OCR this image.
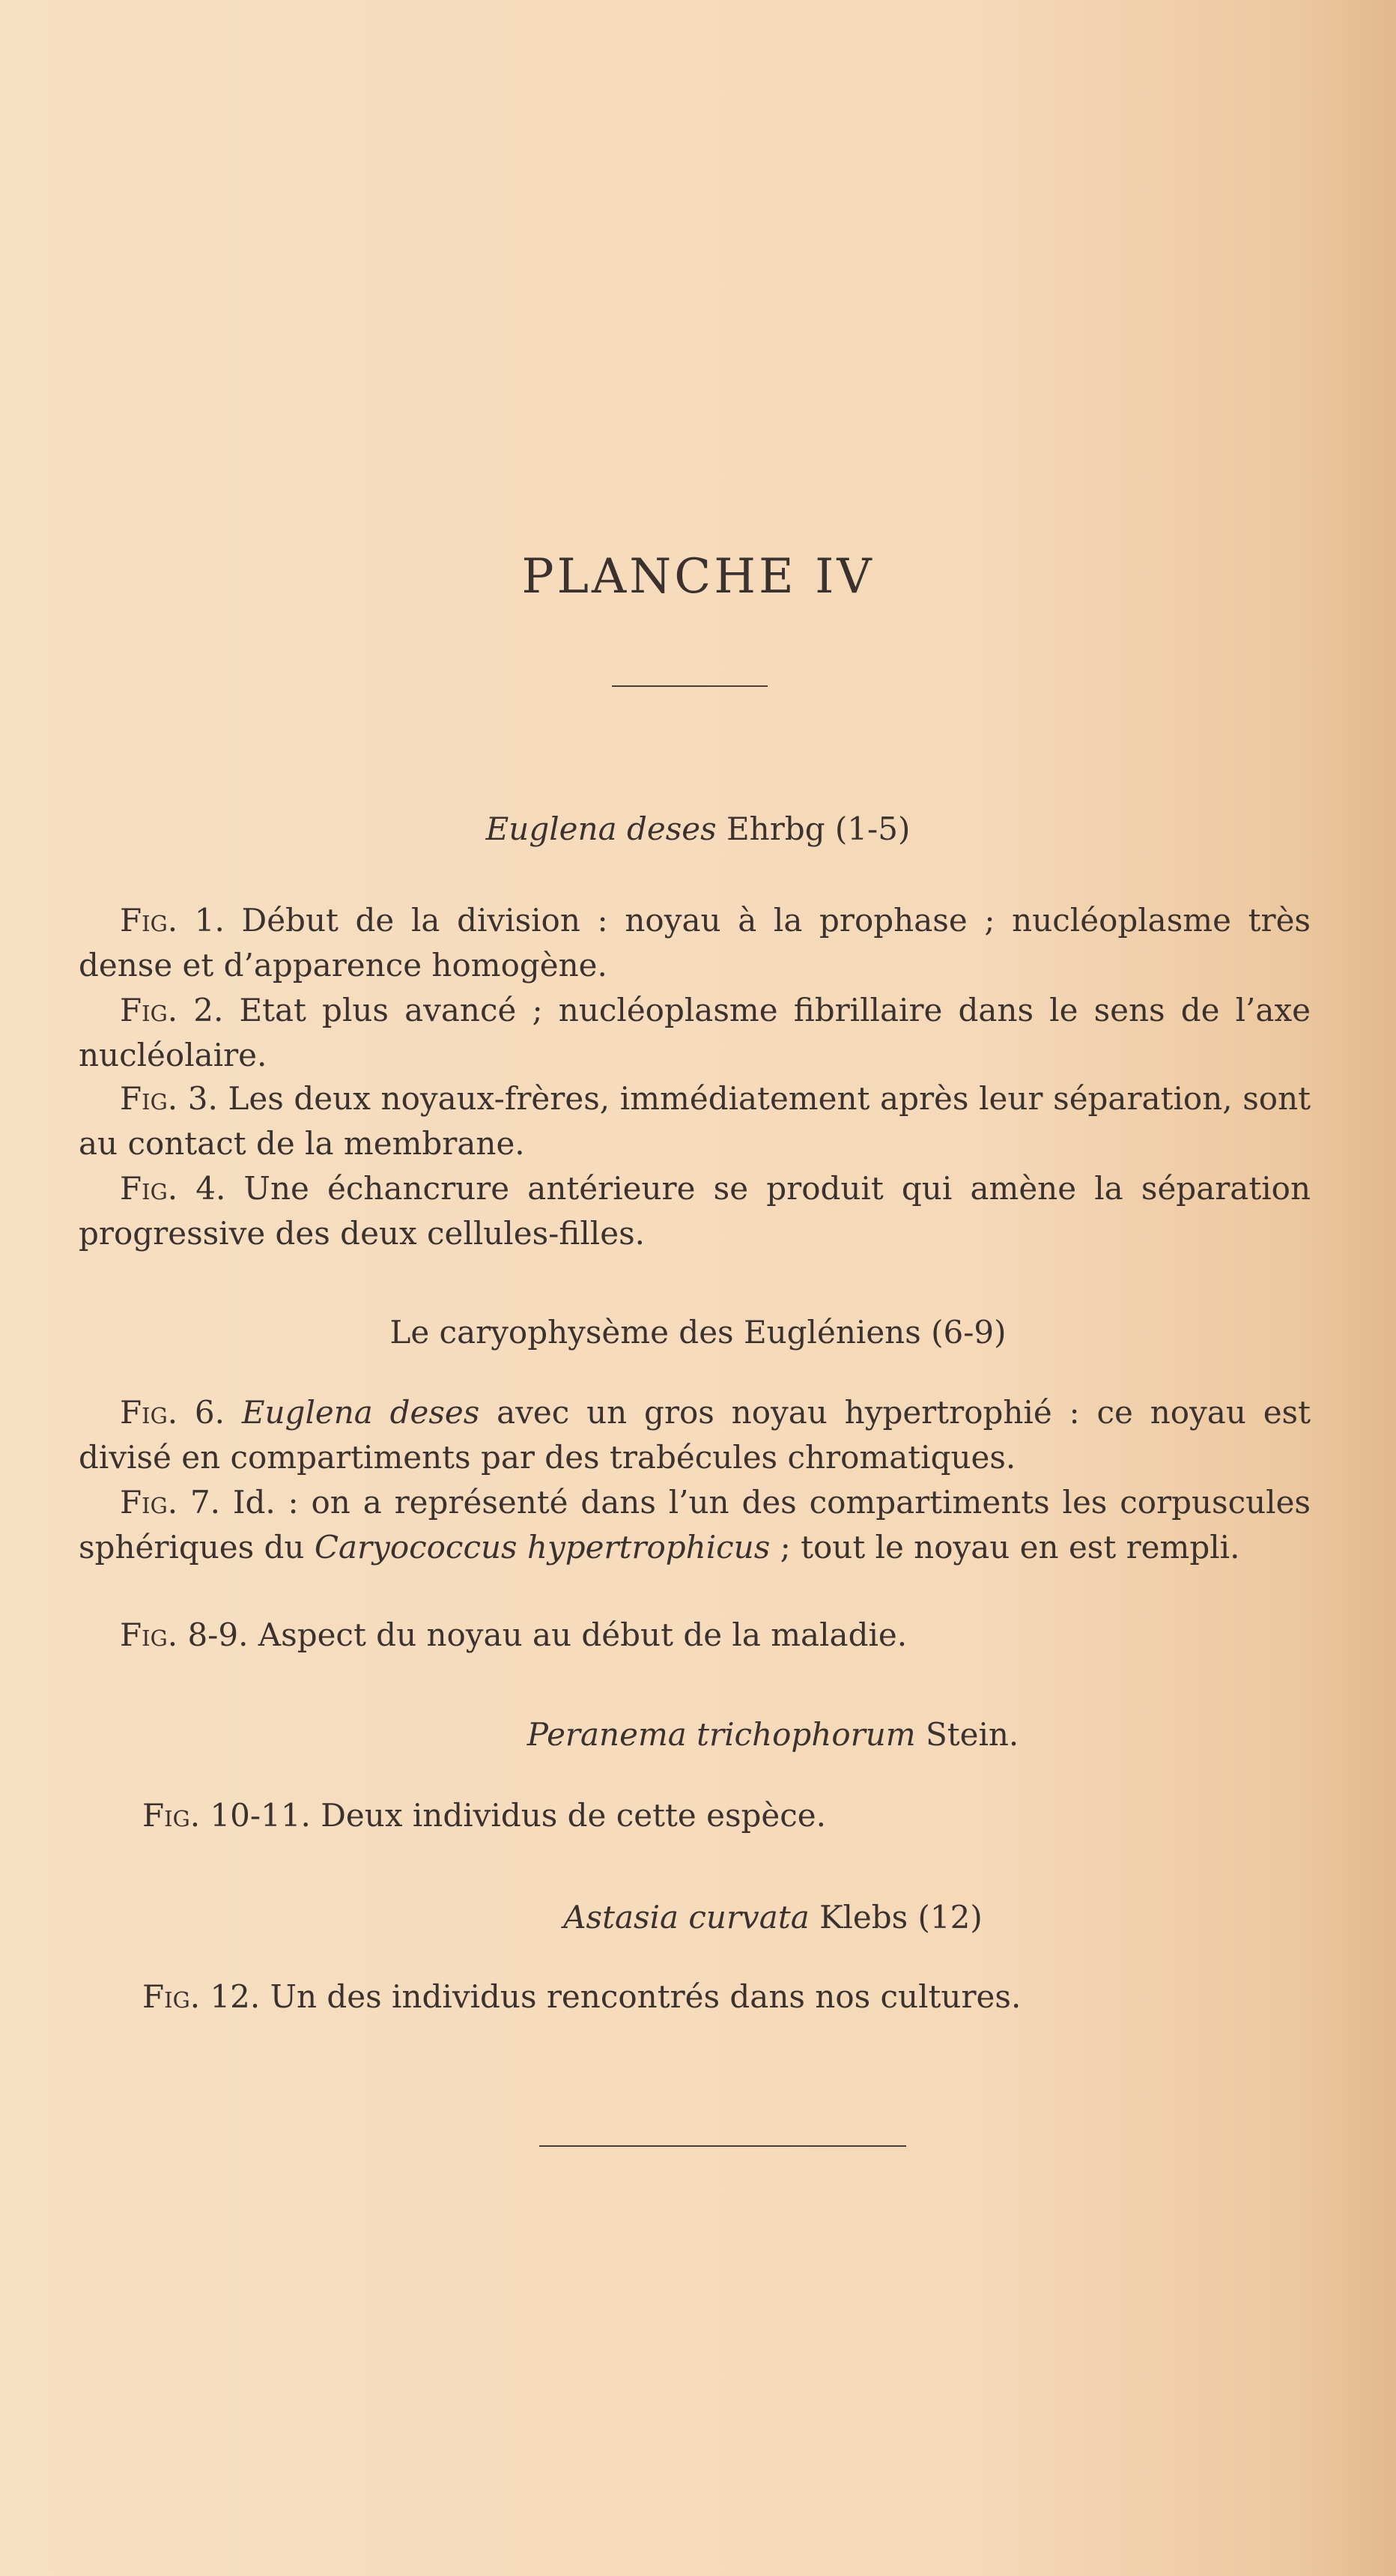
PLANCHE IV
Euglena deses Ehrbg (1-5)
Fig. 1. Début de la division : noyau à la prophase ; nucléoplasme très dense et d’apparence homogène.
Fig. 2. Etat plus avancé ; nucléoplasme fibrillaire dans le sens de l’axe nucléolaire.
Fig. 3. Les deux noyaux-frères, immédiatement après leur séparation, sont au contact de la membrane.
Fig. 4. Une échancrure antérieure se produit qui amène la séparation progressive des deux cellules-filles.
Le caryophysème des Eugléniens (6-9)
Fig. 6. Euglena deses avec un gros noyau hypertrophié : ce noyau est divisé en compartiments par des trabécules chromatiques.
Fig. 7. Id. : on a représenté dans l’un des compartiments les corpuscules sphériques du Caryococcus hypertrophicus ; tout le noyau en est rempli.
Fig. 8-9. Aspect du noyau au début de la maladie.
Peranema trichophorum Stein.
Fig. 10-11. Deux individus de cette espèce.
Astasia curvata Klebs (12)
Fig. 12. Un des individus rencontrés dans nos cultures.
